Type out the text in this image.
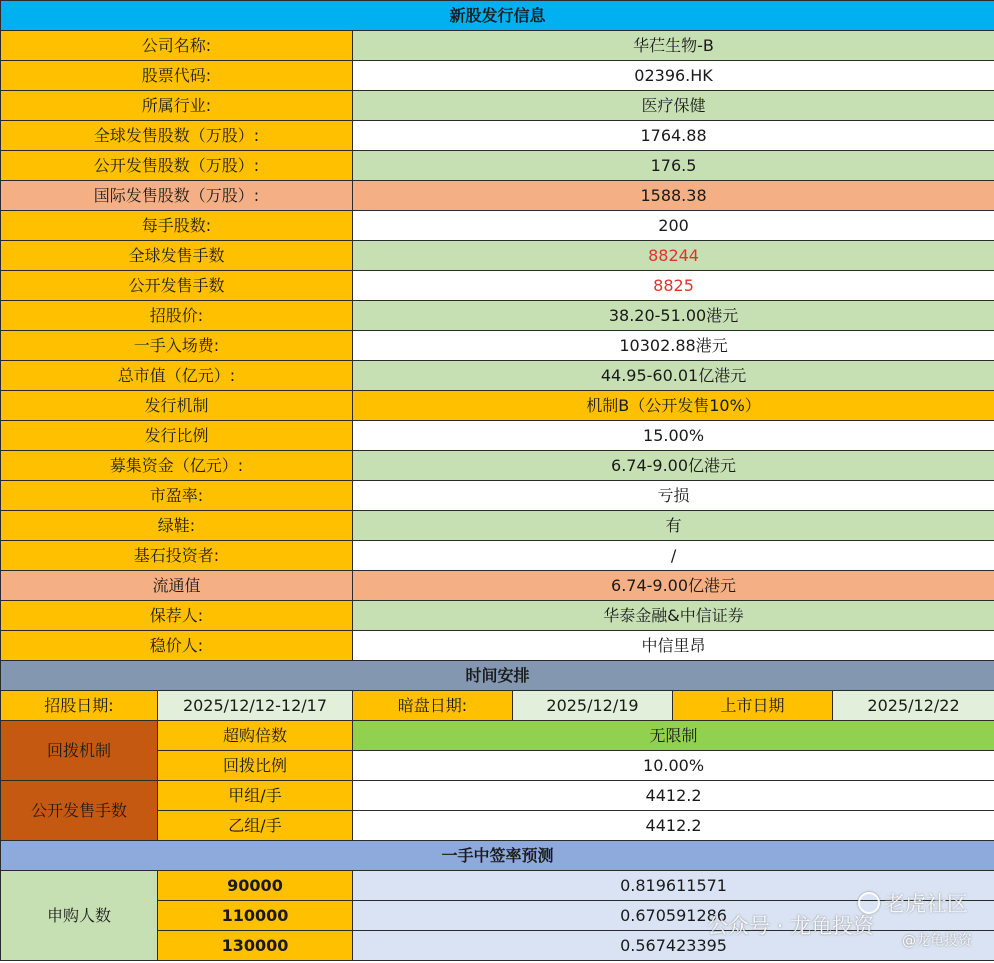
新股发行信息					
公司名称:		华芢生物-B			
股票代码:		02396.HK			
所属行业:		医疗保健			
全球发售股数（万股）:		1764.88			
公开发售股数（万股）:		176.5			
国际发售股数（万股）:		1588.38			
每手股数:		200			
全球发售手数		88244			
公开发售手数		8825			
招股价:		38.20-51.00港元			
一手入场费:		10302.88港元			
总市值（亿元）:		44.95-60.01亿港元			
发行机制		机制B（公开发售10%）			
发行比例		15.00%			
募集资金（亿元）:		6.74-9.00亿港元			
市盈率:		亏损			
绿鞋:		有			
基石投资者:		/			
流通值		6.74-9.00亿港元			
保荐人:		华泰金融&中信证券			
稳价人:		中信里昂			
时间安排					
招股日期:	2025/12/12-12/17	暗盘日期:	2025/12/19	上市日期	2025/12/22
回拨机制	超购倍数	无限制			
	回拨比例	10.00%			
公开发售手数	甲组/手	4412.2			
	乙组/手	4412.2			
一手中签率预测					
申购人数	90000	0.819611571			
	110000	0.670591286			
	130000	0.567423395			
老虎社区
公众号 · 龙龟投资
@龙龟投资
